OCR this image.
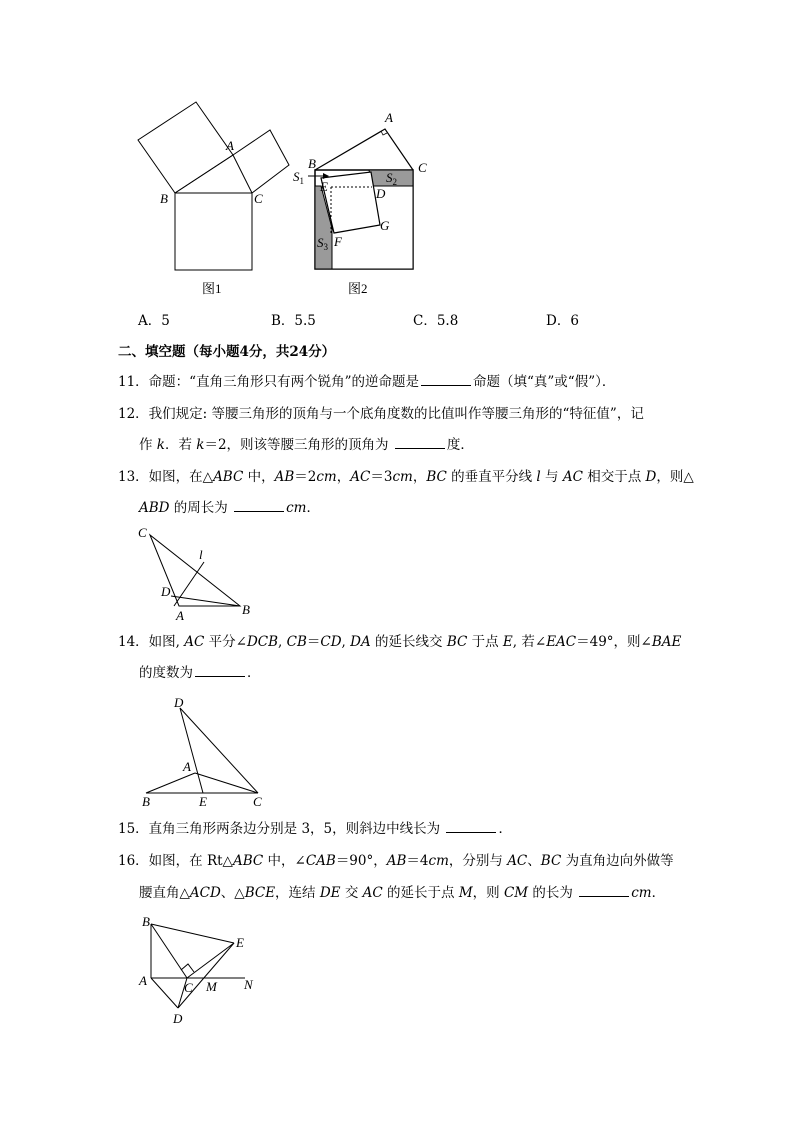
A
B	C
图1
A
B	C
D
E
F
G
$S_1$	$S_2$
$S_3$
图2
A．5	B．5.5	C．5.8	D．6
二、填空题（每小题4分，共24分）
11．命题：“直角三角形只有两个锐角”的逆命题是	命题（填“真”或“假”）．
12．我们规定: 等腰三角形的顶角与一个底角度数的比值叫作等腰三角形的“特征值”，记
作 k．若 k＝2，则该等腰三角形的顶角为	度．
13．如图，在△ABC 中，AB＝2cm，AC＝3cm，BC 的垂直平分线 l 与 AC 相交于点 D，则△
ABD 的周长为	cm．
C
l
D
A	B
14．如图, AC 平分∠DCB, CB＝CD, DA 的延长线交 BC 于点 E, 若∠EAC＝49°，则∠BAE
的度数为	．
D
A
B	E	C
15．直角三角形两条边分别是 3，5，则斜边中线长为	．
16．如图，在 Rt△ABC 中，∠CAB＝90°，AB＝4cm，分别与 AC、BC 为直角边向外做等
腰直角△ACD、△BCE，连结 DE 交 AC 的延长于点 M，则 CM 的长为	cm．
B
E
A	C M N
D
